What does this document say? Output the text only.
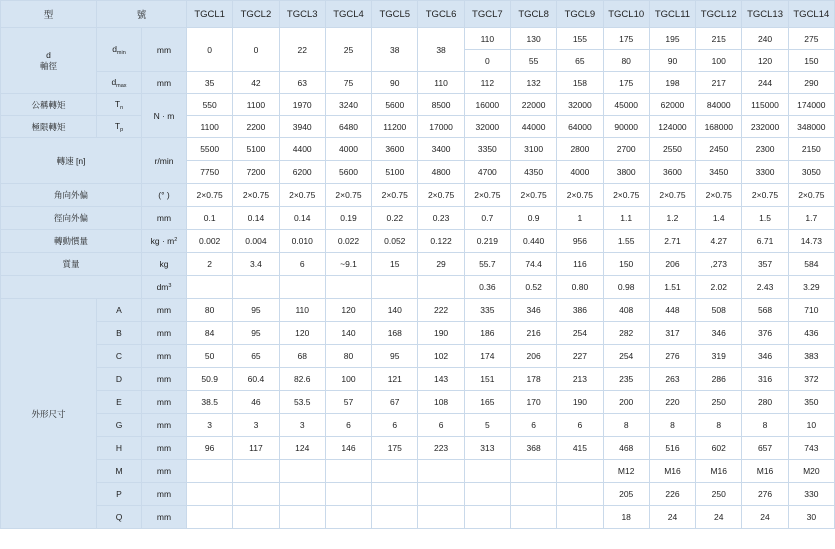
型	號		TGCL1	TGCL2	TGCL3	TGCL4	TGCL5	TGCL6	TGCL7	TGCL8	TGCL9	TGCL10	TGCL11	TGCL12	TGCL13	TGCL14

d
軸徑	$d_{min}$	mm	0	0	22	25	38	38	110	130	155	175	195	215	240	275
									0	55	65	80	90	100	120	150
	$d_{max}$	mm	35	42	63	75	90	110	112	132	158	175	198	217	244	290
公稱轉矩	$T_n$	N · m	550	1100	1970	3240	5600	8500	16000	22000	32000	45000	62000	84000	115000	174000
極限轉矩	$T_p$		1100	2200	3940	6480	11200	17000	32000	44000	64000	90000	124000	168000	232000	348000
轉速 [n]		r/min	5500	5100	4400	4000	3600	3400	3350	3100	2800	2700	2550	2450	2300	2150
			7750	7200	6200	5600	5100	4800	4700	4350	4000	3800	3600	3450	3300	3050
角向外偏		(° )	2×0.75	2×0.75	2×0.75	2×0.75	2×0.75	2×0.75	2×0.75	2×0.75	2×0.75	2×0.75	2×0.75	2×0.75	2×0.75	2×0.75
徑向外偏		mm	0.1	0.14	0.14	0.19	0.22	0.23	0.7	0.9	1	1.1	1.2	1.4	1.5	1.7
轉動慣量		kg · $m^2$	0.002	0.004	0.010	0.022	0.052	0.122	0.219	0.440	956	1.55	2.71	4.27	6.71	14.73
質量		kg	2	3.4	6	~9.1	15	29	55.7	74.4	116	150	206	,273	357	584
		$dm^3$							0.36	0.52	0.80	0.98	1.51	2.02	2.43	3.29
外形尺寸	A	mm	80	95	110	120	140	222	335	346	386	408	448	508	568	710
	B	mm	84	95	120	140	168	190	186	216	254	282	317	346	376	436
	C	mm	50	65	68	80	95	102	174	206	227	254	276	319	346	383
	D	mm	50.9	60.4	82.6	100	121	143	151	178	213	235	263	286	316	372
	E	mm	38.5	46	53.5	57	67	108	165	170	190	200	220	250	280	350
	G	mm	3	3	3	6	6	6	5	6	6	8	8	8	8	10
	H	mm	96	117	124	146	175	223	313	368	415	468	516	602	657	743
	M	mm										M12	M16	M16	M16	M20
	P	mm										205	226	250	276	330
	Q	mm										18	24	24	24	30
